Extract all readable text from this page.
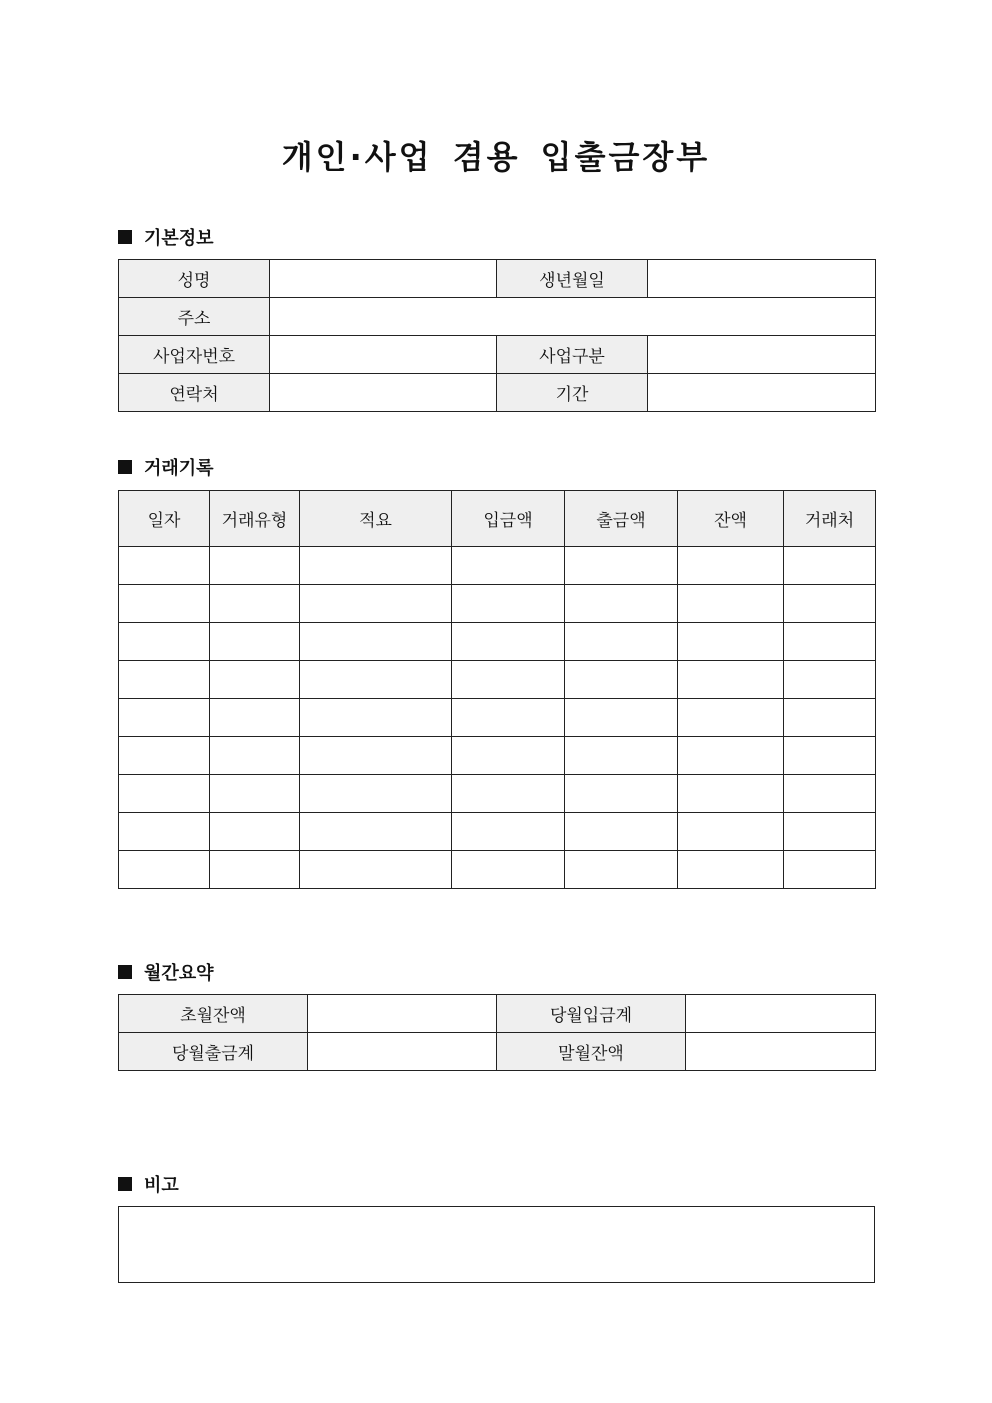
개인·사업 겸용 입출금장부
기본정보
성명		생년월일	
주소			
사업자번호		사업구분	
연락처		기간	
거래기록
일자	거래유형	적요	입금액	출금액	잔액	거래처

월간요약
초월잔액		당월입금계	
당월출금계		말월잔액	
비고
